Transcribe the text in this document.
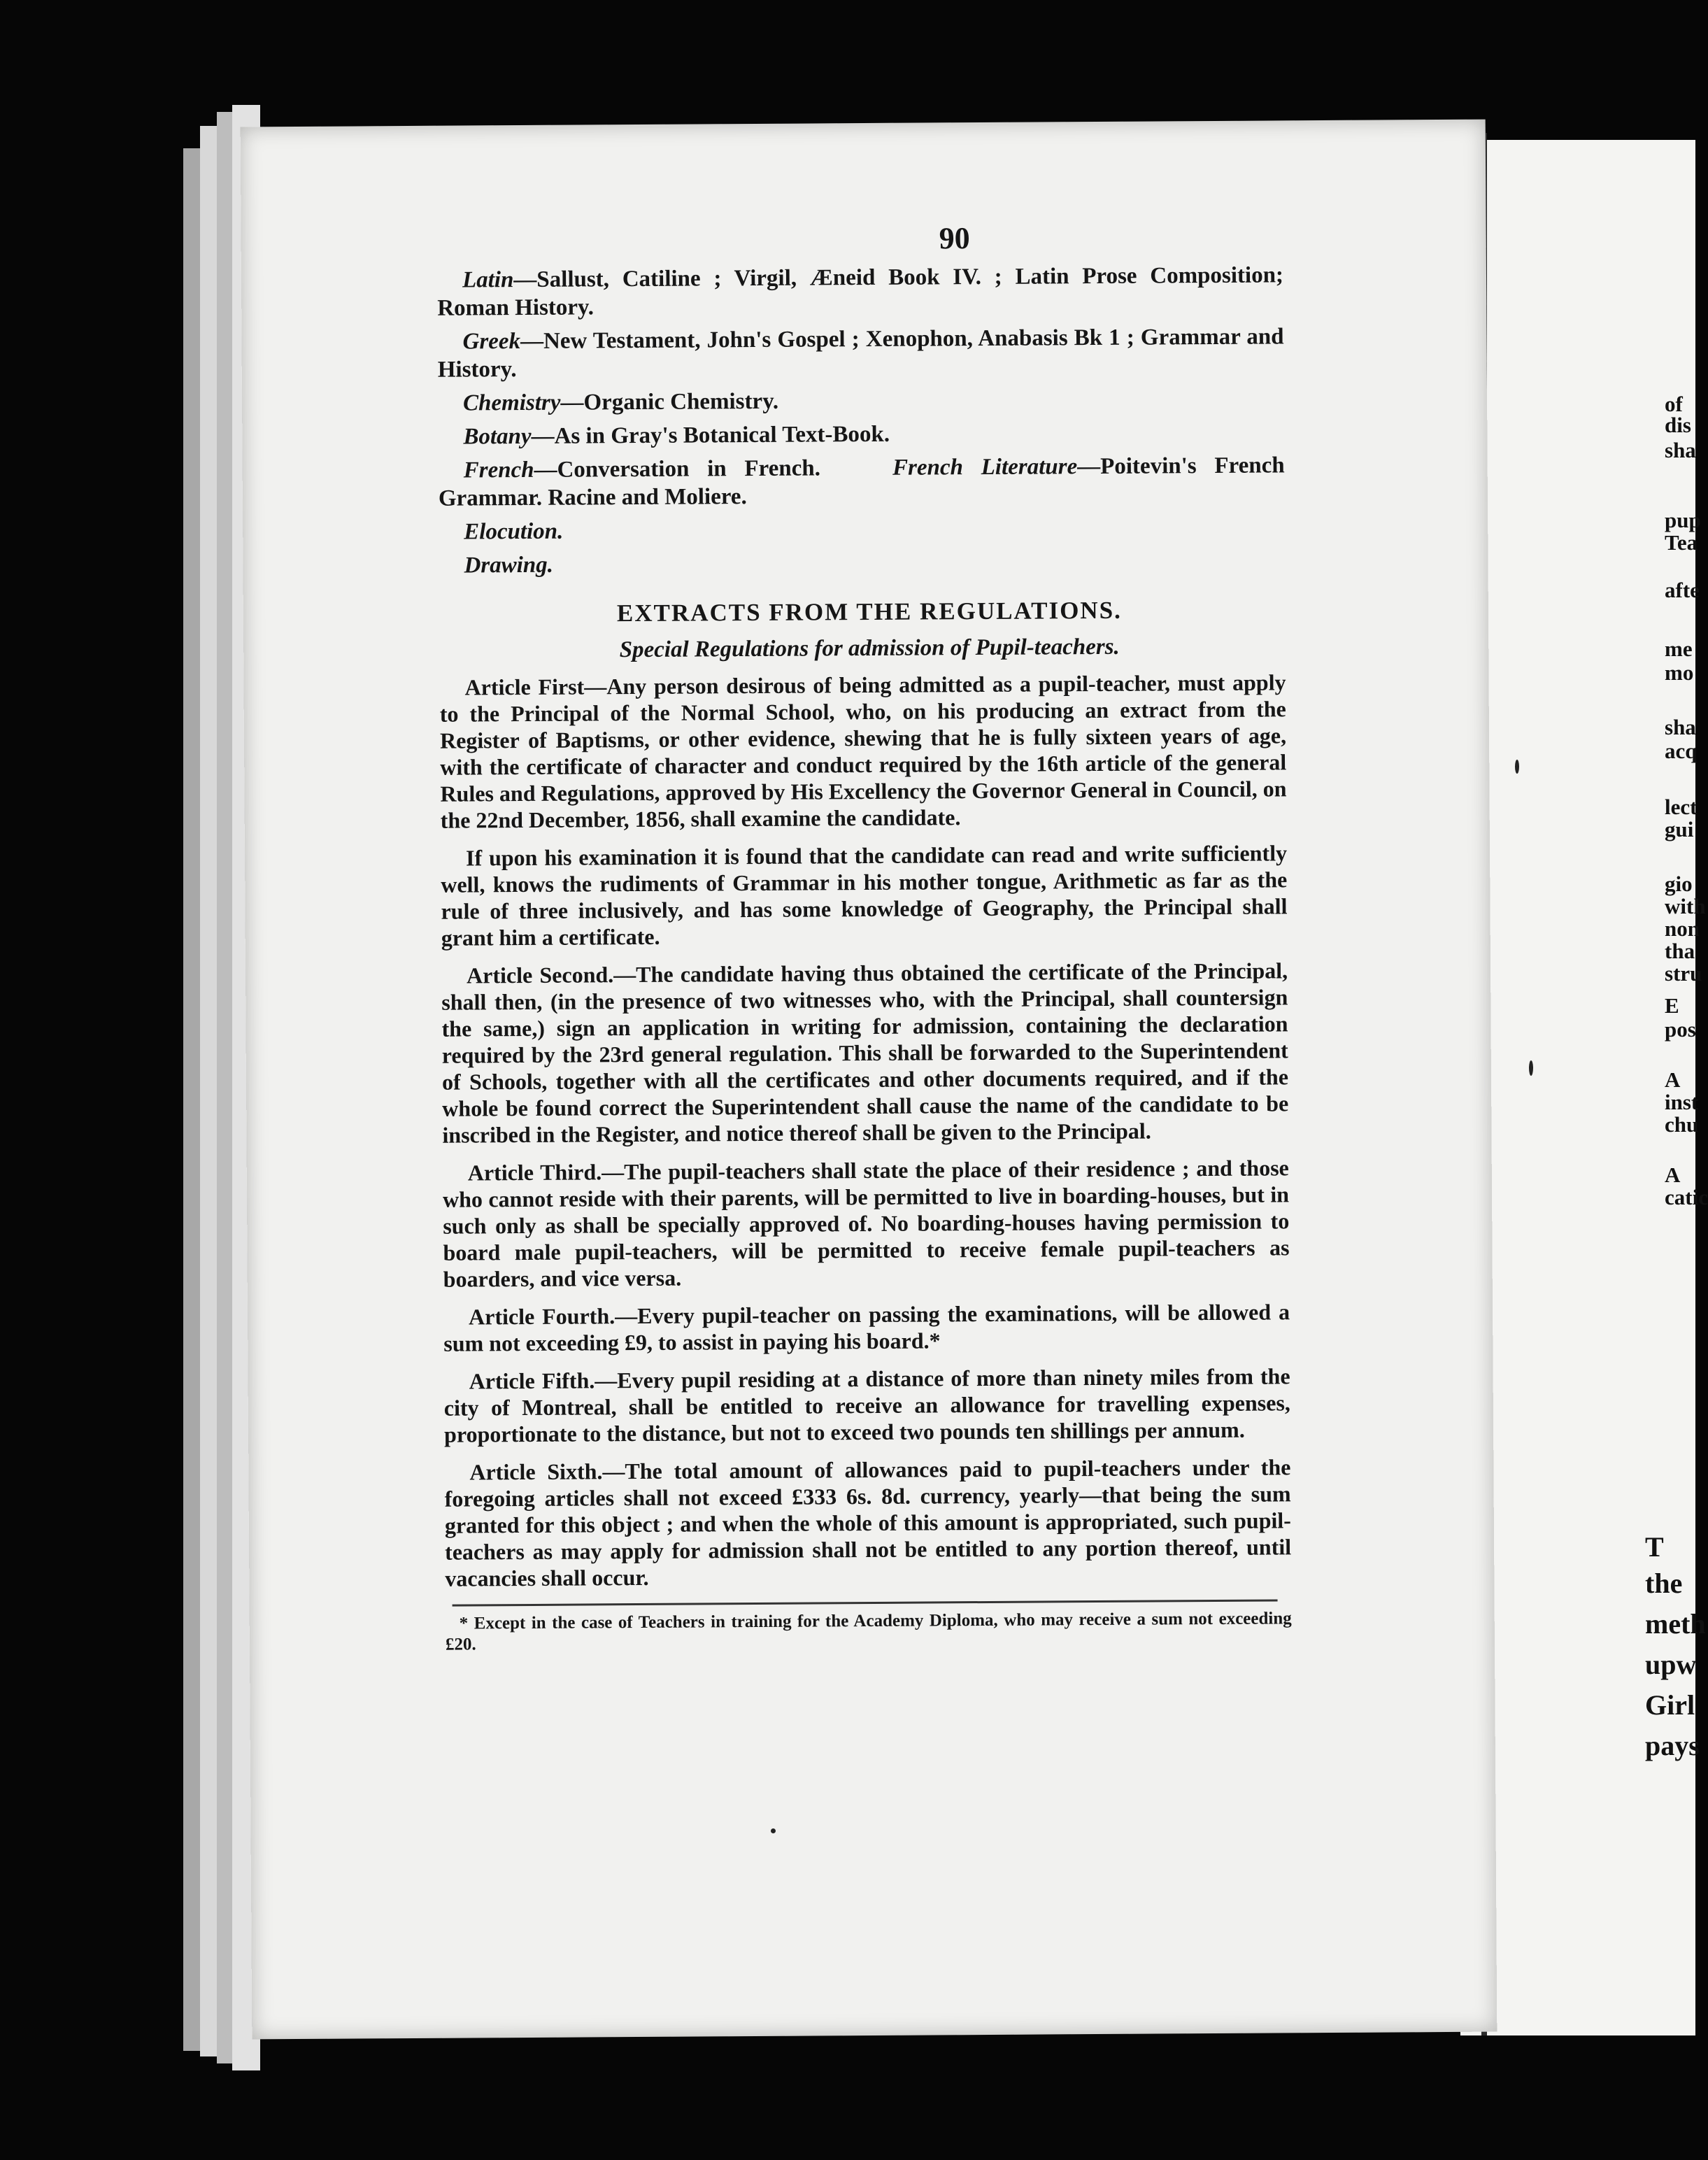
of
dis
sha
pup
Tea
afte
me
mo
sha
acq
lect
gui
gio
with
non
tha
stru
E
pos
A
inst
chu
A
catic
T
the
meth
upw
Girl
pays
90
Latin—Sallust, Catiline ; Virgil, Æneid Book IV. ; Latin Prose Composition; Roman History.
Greek—New Testament, John's Gospel ; Xenophon, Anabasis Bk 1 ; Grammar and History.
Chemistry—Organic Chemistry.
Botany—As in Gray's Botanical Text-Book.
French—Conversation in French.    French Literature—Poitevin's French Grammar. Racine and Moliere.
Elocution.
Drawing.
EXTRACTS FROM THE REGULATIONS.
Special Regulations for admission of Pupil-teachers.
Article First—Any person desirous of being admitted as a pupil-teacher, must apply to the Principal of the Normal School, who, on his producing an extract from the Register of Baptisms, or other evidence, shewing that he is fully sixteen years of age, with the certificate of character and conduct required by the 16th article of the general Rules and Regulations, approved by His Excellency the Governor General in Council, on the 22nd December, 1856, shall examine the candidate.
If upon his examination it is found that the candidate can read and write sufficiently well, knows the rudiments of Grammar in his mother tongue, Arithmetic as far as the rule of three inclusively, and has some knowledge of Geography, the Principal shall grant him a certificate.
Article Second.—The candidate having thus obtained the certificate of the Principal, shall then, (in the presence of two witnesses who, with the Principal, shall countersign the same,) sign an application in writing for admission, containing the declaration required by the 23rd general regulation. This shall be forwarded to the Superintendent of Schools, together with all the certificates and other documents required, and if the whole be found correct the Superintendent shall cause the name of the candidate to be inscribed in the Register, and notice thereof shall be given to the Principal.
Article Third.—The pupil-teachers shall state the place of their residence ; and those who cannot reside with their parents, will be permitted to live in boarding-houses, but in such only as shall be specially approved of. No boarding-houses having permission to board male pupil-teachers, will be permitted to receive female pupil-teachers as boarders, and vice versa.
Article Fourth.—Every pupil-teacher on passing the examinations, will be allowed a sum not exceeding £9, to assist in paying his board.*
Article Fifth.—Every pupil residing at a distance of more than ninety miles from the city of Montreal, shall be entitled to receive an allowance for travelling expenses, proportionate to the distance, but not to exceed two pounds ten shillings per annum.
Article Sixth.—The total amount of allowances paid to pupil-teachers under the foregoing articles shall not exceed £333 6s. 8d. currency, yearly—that being the sum granted for this object ; and when the whole of this amount is appropriated, such pupil-teachers as may apply for admission shall not be entitled to any portion thereof, until vacancies shall occur.
* Except in the case of Teachers in training for the Academy Diploma, who may receive a sum not exceeding £20.
